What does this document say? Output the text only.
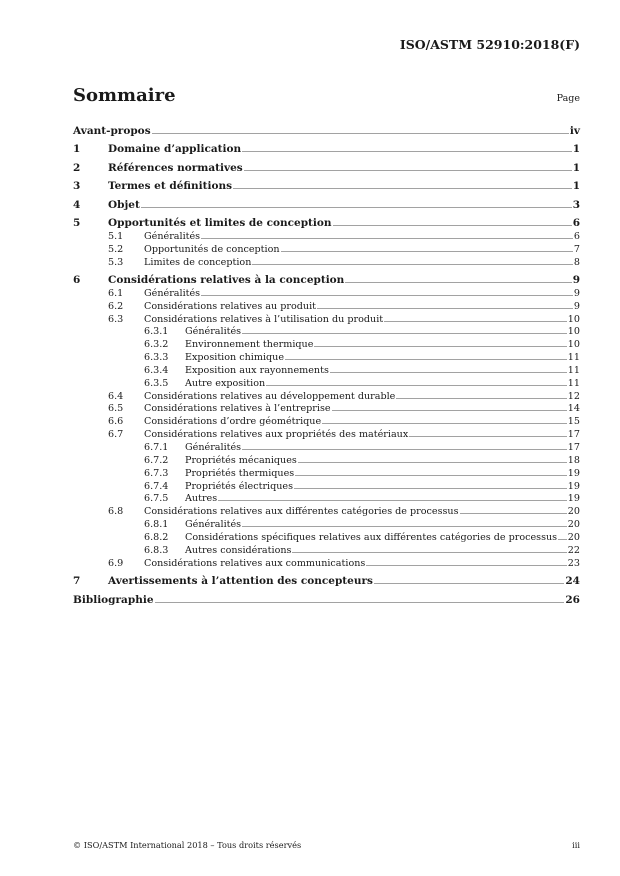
ISO/ASTM 52910:2018(F)
Sommaire	Page
Avant-propos	iv
1	Domaine d’application	1
2	Références normatives	1
3	Termes et définitions	1
4	Objet	3
5	Opportunités et limites de conception	6
5.1	Généralités	6
5.2	Opportunités de conception	7
5.3	Limites de conception	8
6	Considérations relatives à la conception	9
6.1	Généralités	9
6.2	Considérations relatives au produit	9
6.3	Considérations relatives à l’utilisation du produit	10
6.3.1	Généralités	10
6.3.2	Environnement thermique	10
6.3.3	Exposition chimique	11
6.3.4	Exposition aux rayonnements	11
6.3.5	Autre exposition	11
6.4	Considérations relatives au développement durable	12
6.5	Considérations relatives à l’entreprise	14
6.6	Considérations d’ordre géométrique	15
6.7	Considérations relatives aux propriétés des matériaux	17
6.7.1	Généralités	17
6.7.2	Propriétés mécaniques	18
6.7.3	Propriétés thermiques	19
6.7.4	Propriétés électriques	19
6.7.5	Autres	19
6.8	Considérations relatives aux différentes catégories de processus	20
6.8.1	Généralités	20
6.8.2	Considérations spécifiques relatives aux différentes catégories de processus 20
6.8.3	Autres considérations	22
6.9	Considérations relatives aux communications	23
7	Avertissements à l’attention des concepteurs	24
Bibliographie	26
© ISO/ASTM International 2018 – Tous droits réservés	iii
